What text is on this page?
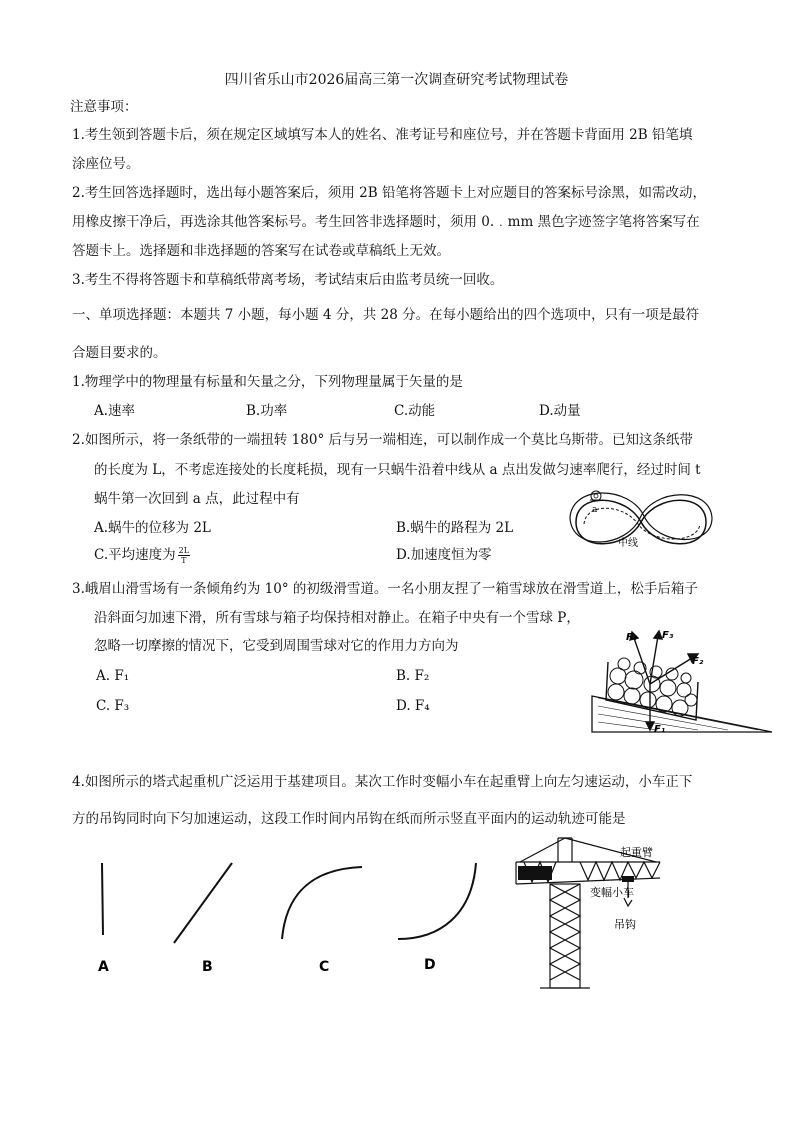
四川省乐山市2026届高三第一次调查研究考试物理试卷
注意事项：
1.考生领到答题卡后，须在规定区域填写本人的姓名、准考证号和座位号，并在答题卡背面用 2B 铅笔填
涂座位号。
2.考生回答选择题时，选出每小题答案后，须用 2B 铅笔将答题卡上对应题目的答案标号涂黑，如需改动，
用橡皮擦干净后，再选涂其他答案标号。考生回答非选择题时，须用 0.﹒mm 黑色字迹签字笔将答案写在
答题卡上。选择题和非选择题的答案写在试卷或草稿纸上无效。
3.考生不得将答题卡和草稿纸带离考场，考试结束后由监考员统一回收。
一、单项选择题：本题共 7 小题，每小题 4 分，共 28 分。在每小题给出的四个选项中，只有一项是最符
合题目要求的。
1.物理学中的物理量有标量和矢量之分，下列物理量属于矢量的是
A.速率	B.功率	C.动能	D.动量
2.如图所示，将一条纸带的一端扭转 180° 后与另一端相连，可以制作成一个莫比乌斯带。已知这条纸带
的长度为 L，不考虑连接处的长度耗损，现有一只蜗牛沿着中线从 a 点出发做匀速率爬行，经过时间 t
蜗牛第一次回到 a 点，此过程中有
A.蜗牛的位移为 2L	B.蜗牛的路程为 2L
C.平均速度为 $\frac{2L}{T}$	D.加速度恒为零
a
中线
3.峨眉山滑雪场有一条倾角约为 10° 的初级滑雪道。一名小朋友捏了一箱雪球放在滑雪道上，松手后箱子
沿斜面匀加速下滑，所有雪球与箱子均保持相对静止。在箱子中央有一个雪球 P，
忽略一切摩擦的情况下，它受到周围雪球对它的作用力方向为
A. F₁	B. F₂
C. F₃	D. F₄
F₁
F₂
F₃
F₄
4.如图所示的塔式起重机广泛运用于基建项目。某次工作时变幅小车在起重臂上向左匀速运动，小车正下
方的吊钩同时向下匀加速运动，这段工作时间内吊钩在纸而所示竖直平面内的运动轨迹可能是
A	B	C	D
起重臂
变幅小车
吊钩
